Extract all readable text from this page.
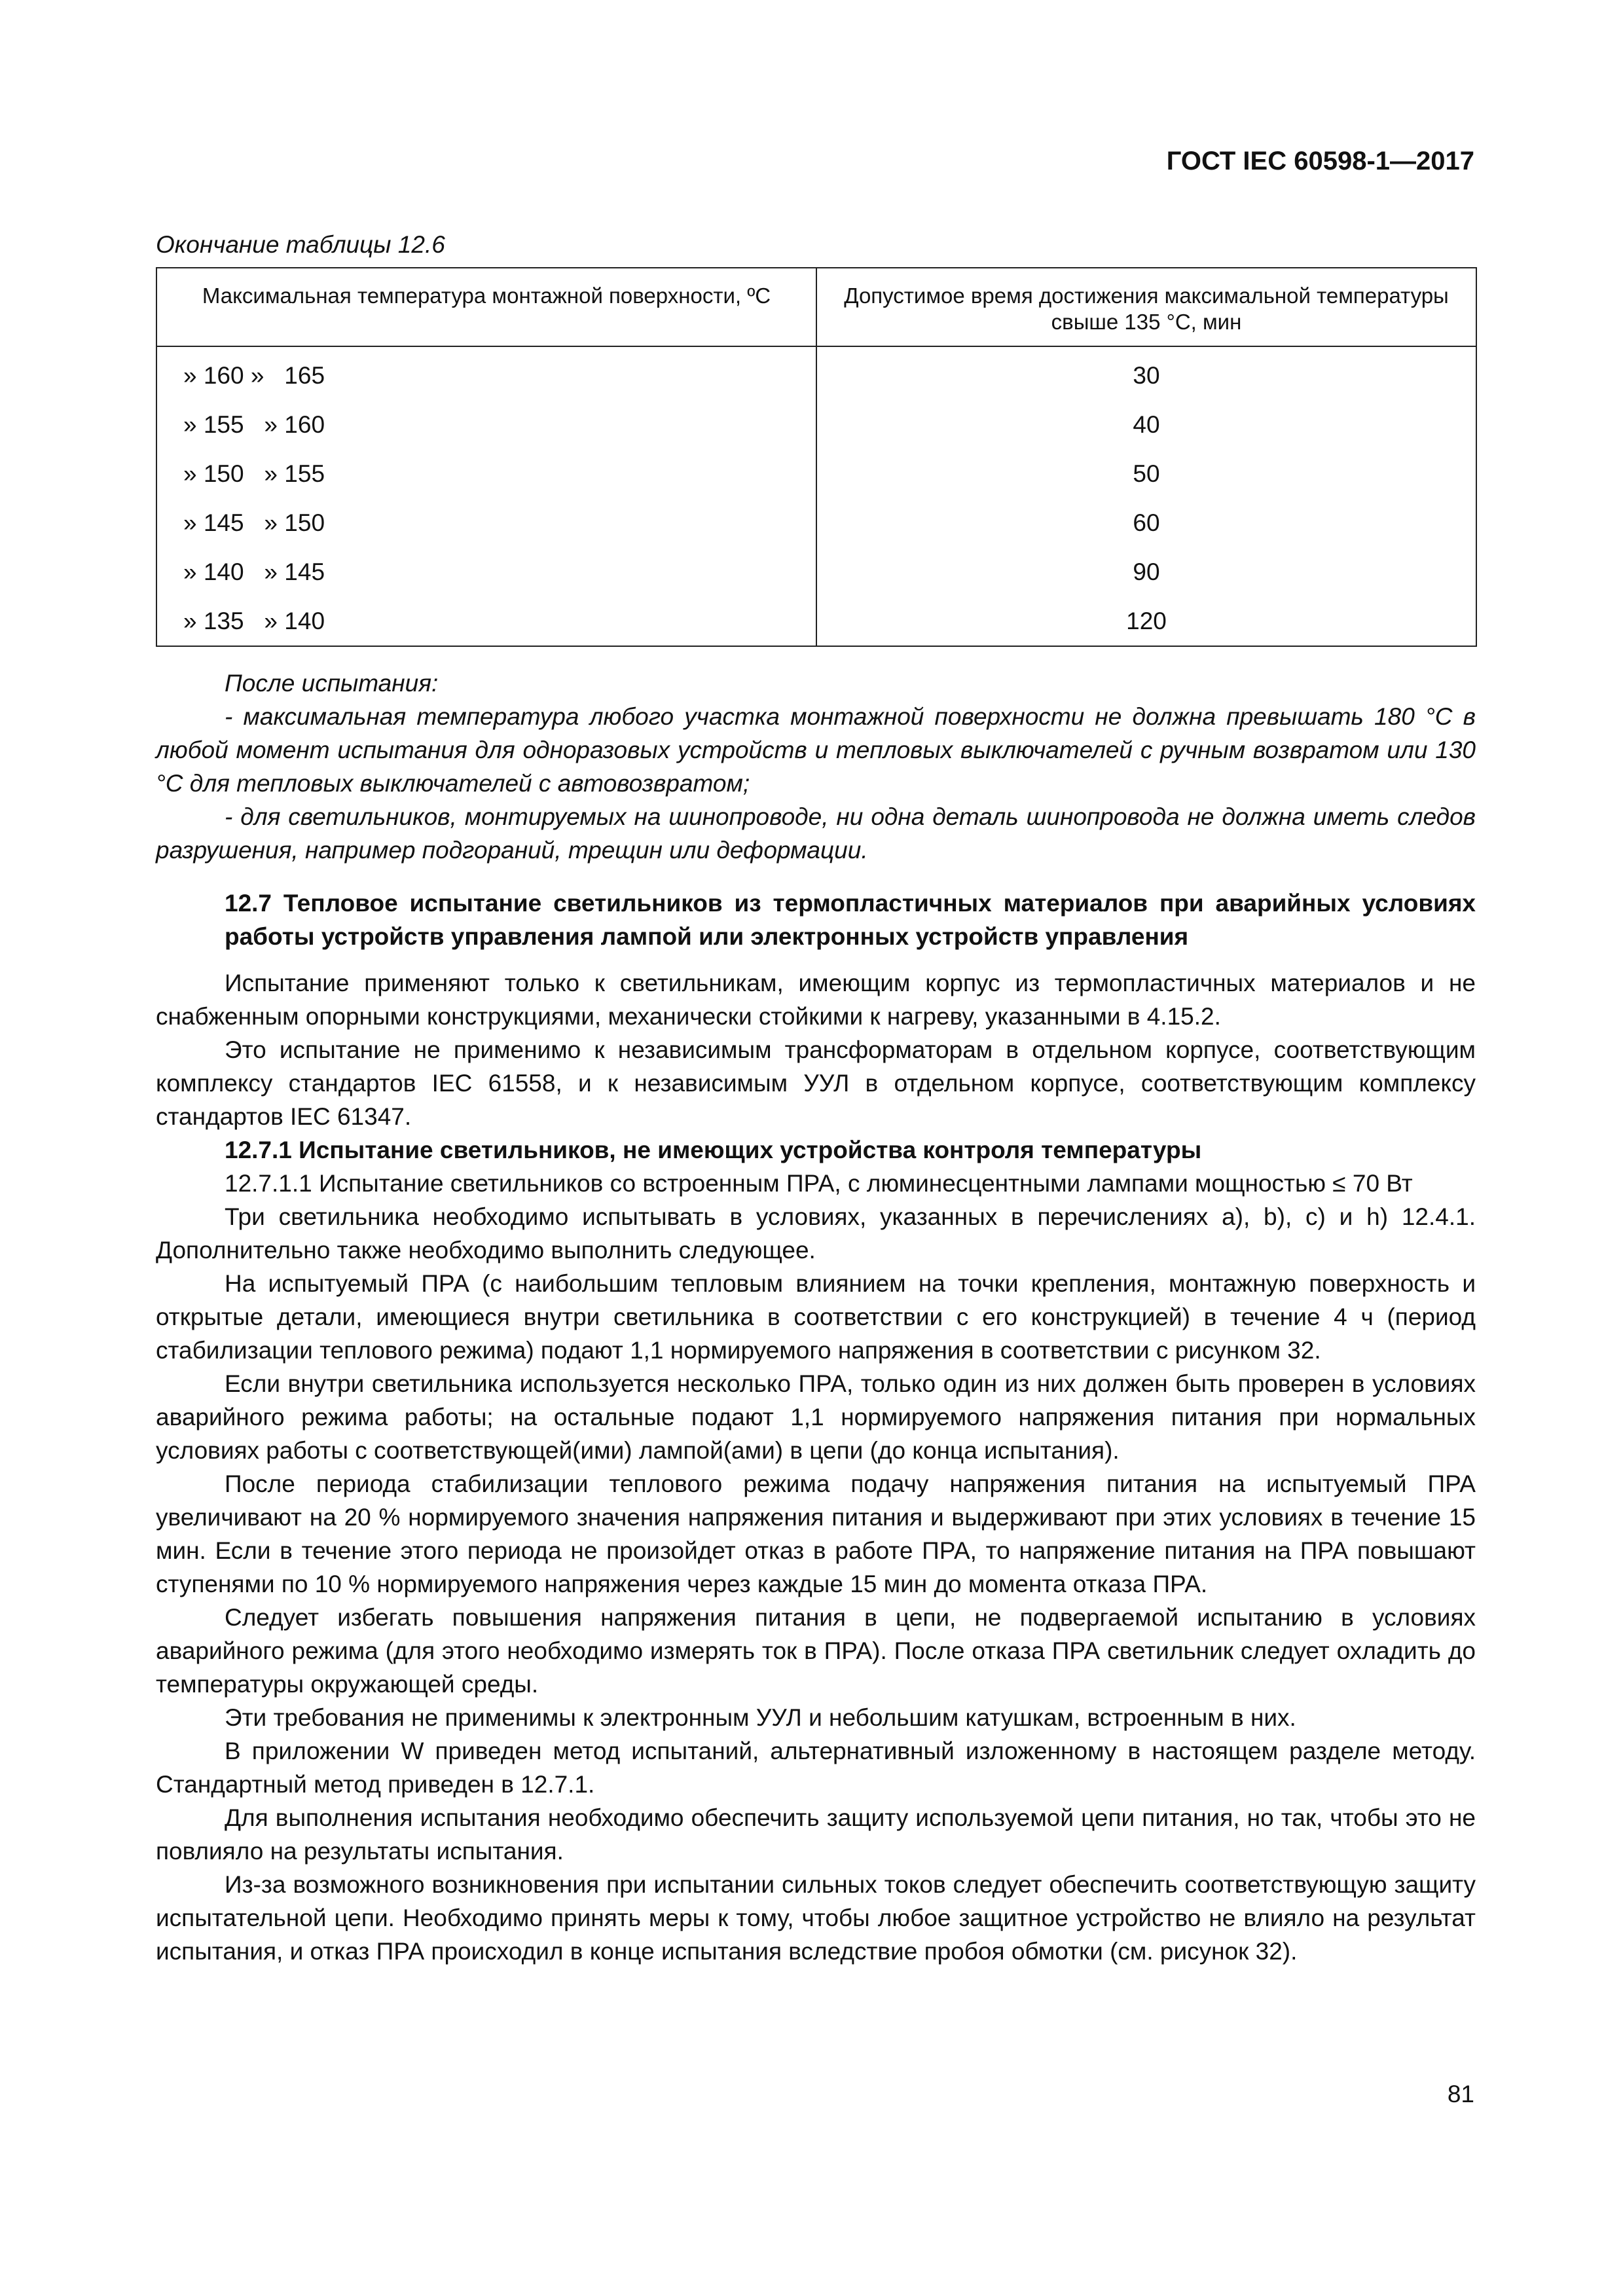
ГОСТ IEC 60598-1—2017
Окончание таблицы 12.6
Максимальная температура монтажной поверхности, ºС	Допустимое время достижения максимальной температуры свыше 135 °С, мин
» 160 »   165	30
» 155   » 160	40
» 150   » 155	50
» 145   » 150	60
» 140   » 145	90
» 135   » 140	120

После испытания:

- максимальная температура любого участка монтажной поверхности не должна превышать 180 °С в любой момент испытания для одноразовых устройств и тепловых выключателей с ручным возвратом или 130 °С для тепловых выключателей с автовозвратом;

- для светильников, монтируемых на шинопроводе, ни одна деталь шинопровода не должна иметь следов разрушения, например подгораний, трещин или деформации.

12.7 Тепловое испытание светильников из термопластичных материалов при аварийных условиях работы устройств управления лампой или электронных устройств управления

Испытание применяют только к светильникам, имеющим корпус из термопластичных материалов и не снабженным опорными конструкциями, механически стойкими к нагреву, указанными в 4.15.2.

Это испытание не применимо к независимым трансформаторам в отдельном корпусе, соответствующим комплексу стандартов IEC 61558, и к независимым УУЛ в отдельном корпусе, соответствующим комплексу стандартов IEC 61347.

12.7.1 Испытание светильников, не имеющих устройства контроля температуры

12.7.1.1 Испытание светильников со встроенным ПРА, с люминесцентными лампами мощностью ≤ 70 Вт

Три светильника необходимо испытывать в условиях, указанных в перечислениях a), b), c) и h) 12.4.1. Дополнительно также необходимо выполнить следующее.

На испытуемый ПРА (с наибольшим тепловым влиянием на точки крепления, монтажную поверхность и открытые детали, имеющиеся внутри светильника в соответствии с его конструкцией) в течение 4 ч (период стабилизации теплового режима) подают 1,1 нормируемого напряжения в соответствии с рисунком 32.

Если внутри светильника используется несколько ПРА, только один из них должен быть проверен в условиях аварийного режима работы; на остальные подают 1,1 нормируемого напряжения питания при нормальных условиях работы с соответствующей(ими) лампой(ами) в цепи (до конца испытания).

После периода стабилизации теплового режима подачу напряжения питания на испытуемый ПРА увеличивают на 20 % нормируемого значения напряжения питания и выдерживают при этих условиях в течение 15 мин. Если в течение этого периода не произойдет отказ в работе ПРА, то напряжение питания на ПРА повышают ступенями по 10 % нормируемого напряжения через каждые 15 мин до момента отказа ПРА.

Следует избегать повышения напряжения питания в цепи, не подвергаемой испытанию в условиях аварийного режима (для этого необходимо измерять ток в ПРА). После отказа ПРА светильник следует охладить до температуры окружающей среды.

Эти требования не применимы к электронным УУЛ и небольшим катушкам, встроенным в них.

В приложении W приведен метод испытаний, альтернативный изложенному в настоящем разделе методу. Стандартный метод приведен в 12.7.1.

Для выполнения испытания необходимо обеспечить защиту используемой цепи питания, но так, чтобы это не повлияло на результаты испытания.

Из-за возможного возникновения при испытании сильных токов следует обеспечить соответствующую защиту испытательной цепи. Необходимо принять меры к тому, чтобы любое защитное устройство не влияло на результат испытания, и отказ ПРА происходил в конце испытания вследствие пробоя обмотки (см. рисунок 32).

81
